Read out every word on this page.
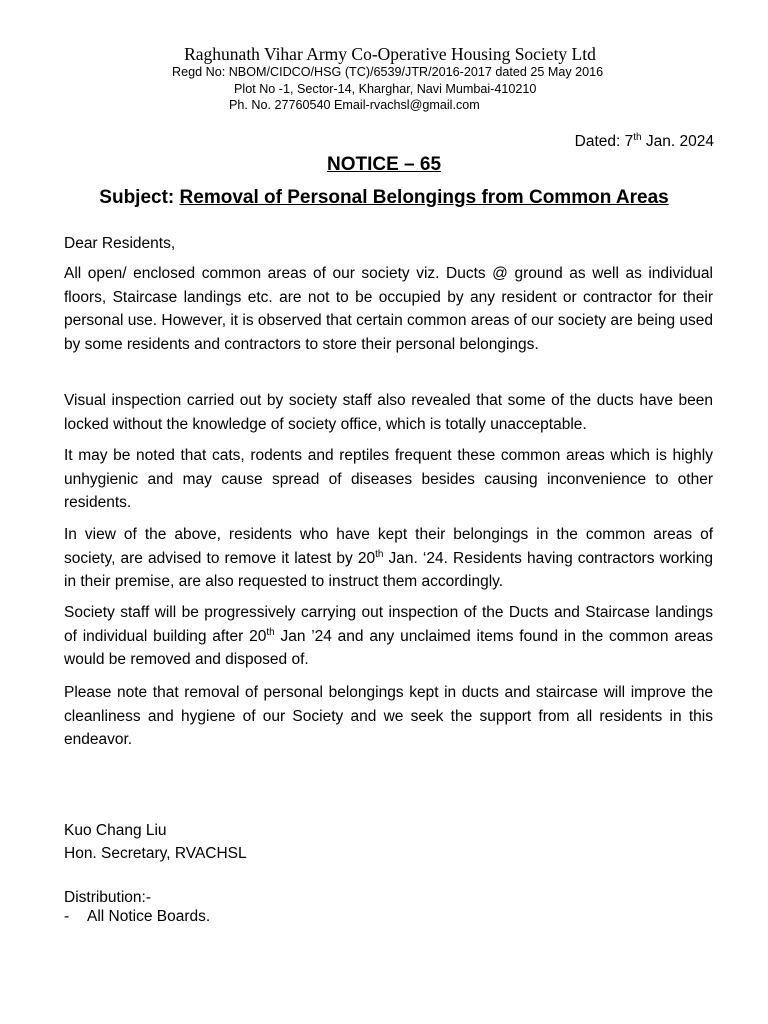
Raghunath Vihar Army Co-Operative Housing Society Ltd
Regd No: NBOM/CIDCO/HSG (TC)/6539/JTR/2016-2017 dated 25 May 2016
Plot No -1, Sector-14, Kharghar, Navi Mumbai-410210
Ph. No. 27760540 Email-rvachsl@gmail.com
Dated: 7th Jan. 2024
NOTICE – 65
Subject: Removal of Personal Belongings from Common Areas
Dear Residents,
All open/ enclosed common areas of our society viz. Ducts @ ground as well as individual floors, Staircase landings etc. are not to be occupied by any resident or contractor for their personal use. However, it is observed that certain common areas of our society are being used by some residents and contractors to store their personal belongings.
Visual inspection carried out by society staff also revealed that some of the ducts have been locked without the knowledge of society office, which is totally unacceptable.
It may be noted that cats, rodents and reptiles frequent these common areas which is highly unhygienic and may cause spread of diseases besides causing inconvenience to other residents.
In view of the above, residents who have kept their belongings in the common areas of society, are advised to remove it latest by 20th Jan. ‘24. Residents having contractors working in their premise, are also requested to instruct them accordingly.
Society staff will be progressively carrying out inspection of the Ducts and Staircase landings of individual building after 20th Jan ’24 and any unclaimed items found in the common areas would be removed and disposed of.
Please note that removal of personal belongings kept in ducts and staircase will improve the cleanliness and hygiene of our Society and we seek the support from all residents in this endeavor.
Kuo Chang Liu
Hon. Secretary, RVACHSL
Distribution:-
- All Notice Boards.
